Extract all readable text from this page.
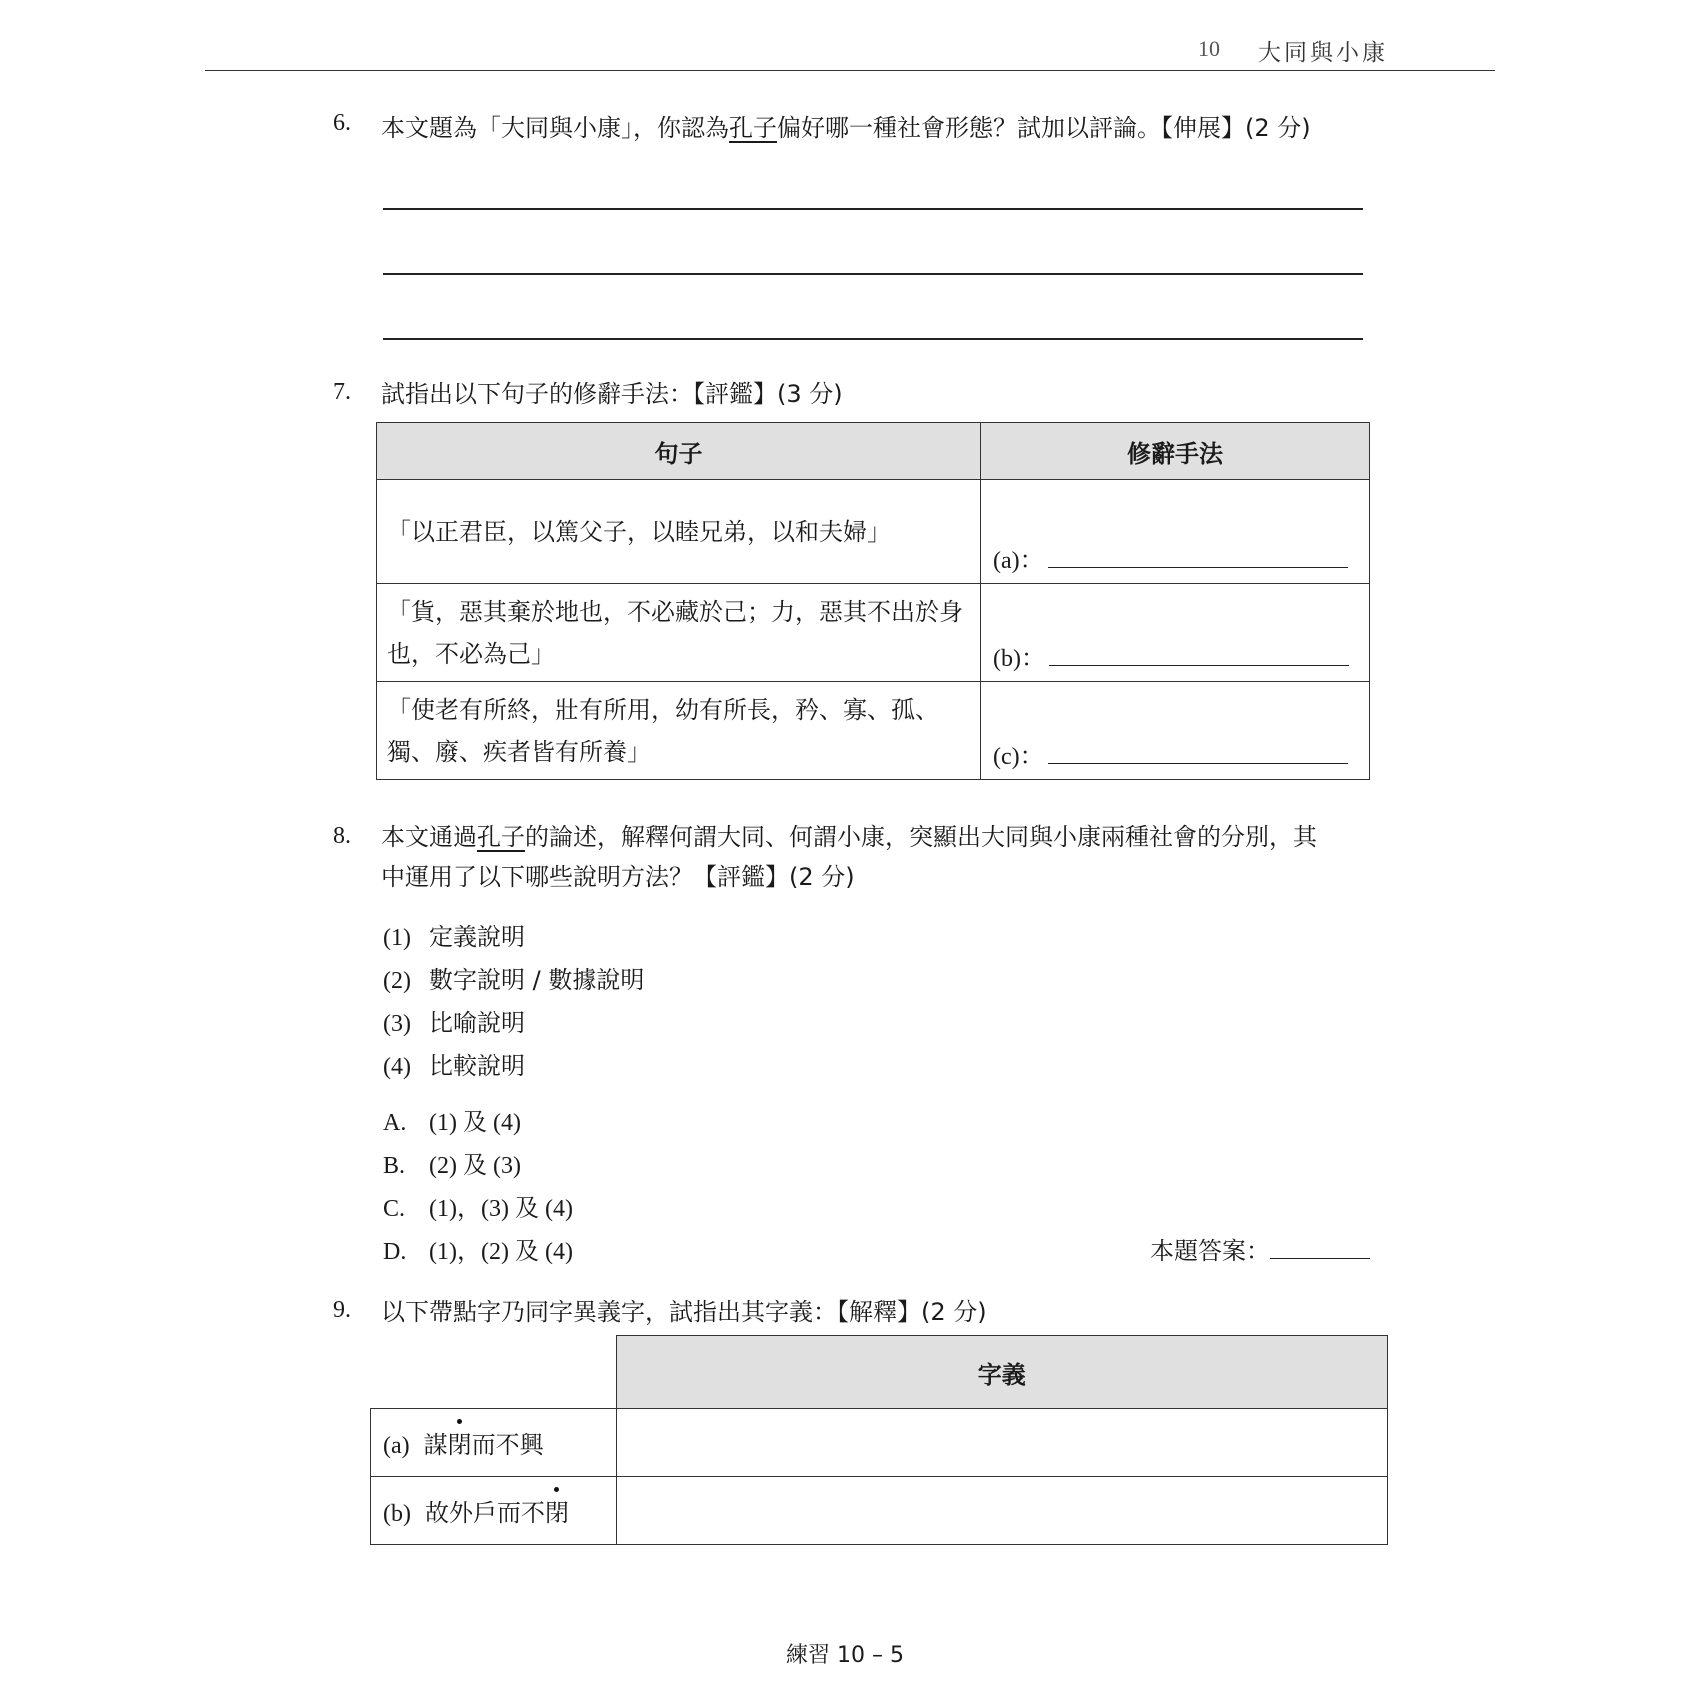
10 大同與小康
6. 本文題為「大同與小康」，你認為孔子偏好哪一種社會形態？試加以評論。【伸展】(2 分)
7. 試指出以下句子的修辭手法：【評鑑】(3 分)
句子	修辭手法
「以正君臣，以篤父子，以睦兄弟，以和夫婦」	(a)：
「貨，惡其棄於地也，不必藏於己；力，惡其不出於身也，不必為己」	(b)：
「使老有所終，壯有所用，幼有所長，矜、寡、孤、獨、廢、疾者皆有所養」	(c)：
8. 本文通過孔子的論述，解釋何謂大同、何謂小康，突顯出大同與小康兩種社會的分別，其
中運用了以下哪些說明方法？【評鑑】(2 分)
(1) 定義說明
(2) 數字說明 / 數據說明
(3) 比喻說明
(4) 比較說明
A. (1) 及 (4)
B. (2) 及 (3)
C. (1)，(3) 及 (4)
D. (1)，(2) 及 (4)	本題答案：
9. 以下帶點字乃同字異義字，試指出其字義：【解釋】(2 分)
	字義
(a) 謀閉而不興	
(b) 故外戶而不閉	
練習 10 – 5
